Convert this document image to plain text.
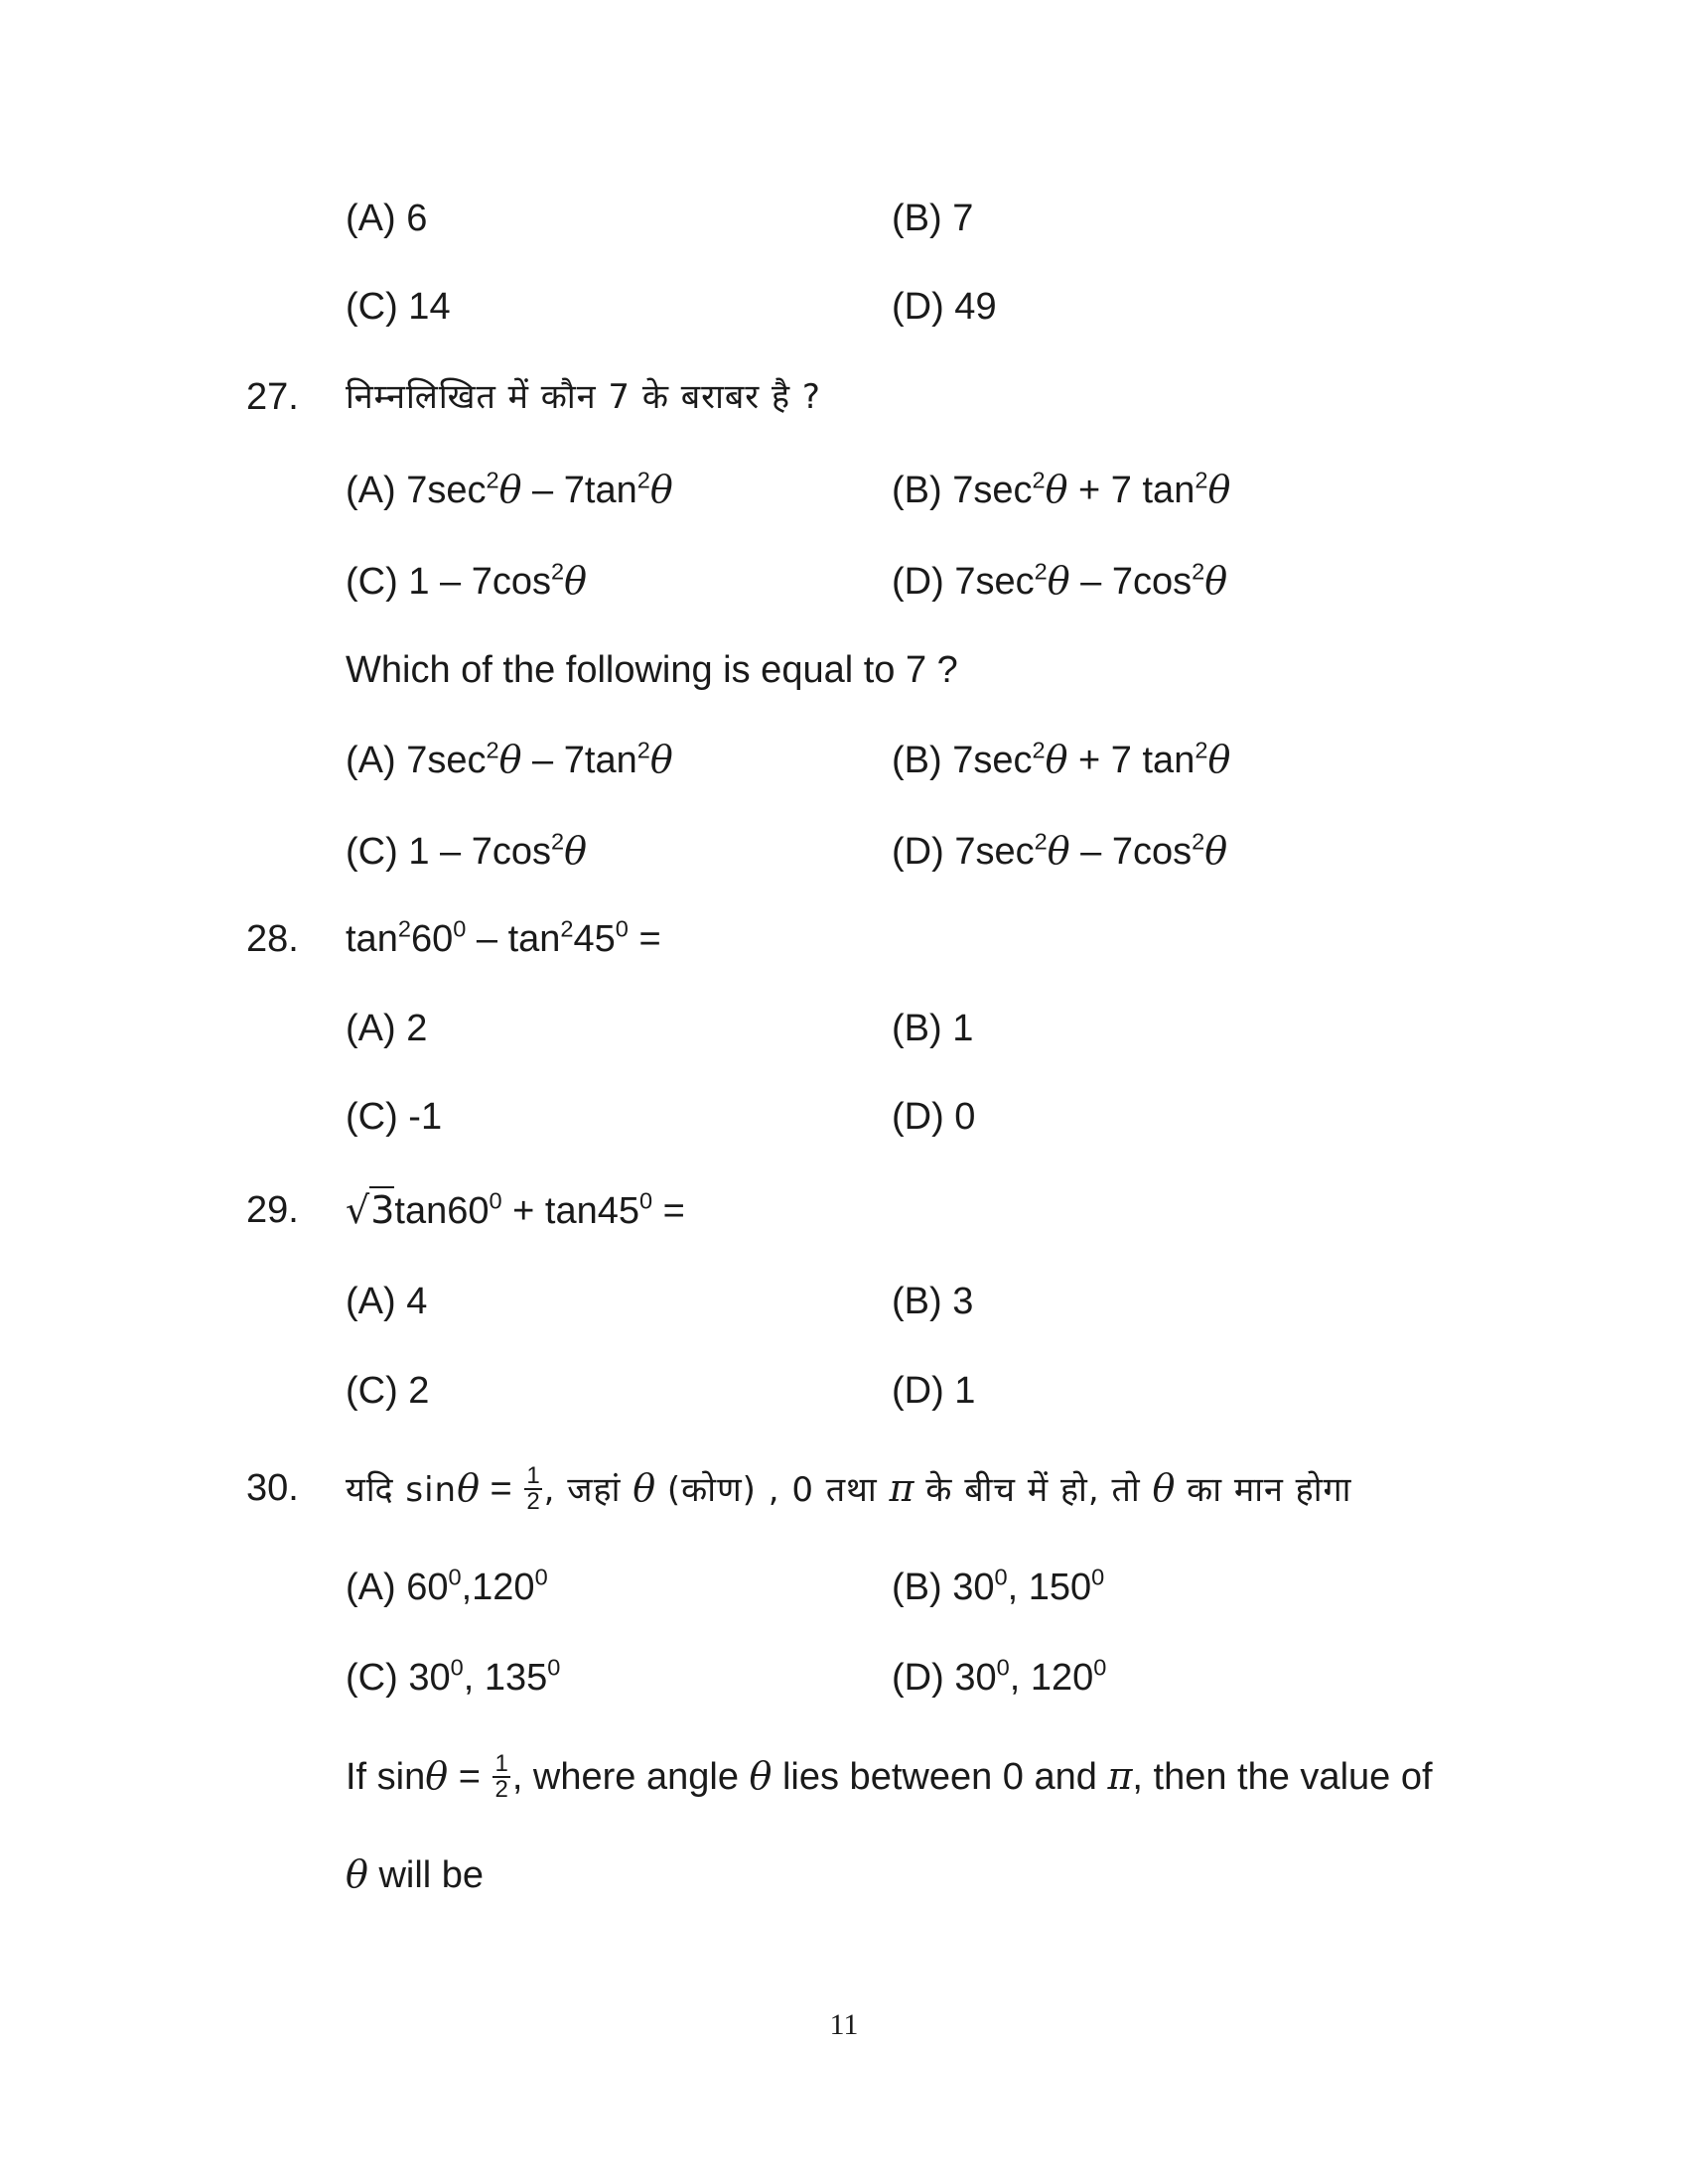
(A) 6	(B) 7
(C) 14	(D) 49
27. निम्नलिखित में कौन 7 के बराबर है ?
(A) $7\sec^2\theta - 7\tan^2\theta$	(B) $7\sec^2\theta + 7$ $\tan^2\theta$
(C) $1 - 7\cos^2\theta$	(D) $7\sec^2\theta - 7\cos^2\theta$
Which of the following is equal to 7 ?
(A) $7\sec^2\theta - 7\tan^2\theta$	(B) $7\sec^2\theta + 7$ $\tan^2\theta$
(C) $1 - 7\cos^2\theta$	(D) $7\sec^2\theta - 7\cos^2\theta$
28. $\tan^260^0 - \tan^245^0$ =
(A) 2	(B) 1
(C) -1	(D) 0
29. $√3\tan 60^0 + \tan 45^0$ =
(A) 4	(B) 3
(C) 2	(D) 1
30. यदि $\sin\theta = \frac{1}{2}$ , जहां θ (कोण) , 0 तथा π के बीच में हो, तो θ का मान होगा
(A) $60^0,120^0$	(B) $30^0$, $150^0$
(C) $30^0$, $135^0$	(D) $30^0$, $120^0$
If $\sin\theta = \frac{1}{2}$ , where angle θ lies between 0 and π, then the value of
θ will be
11
